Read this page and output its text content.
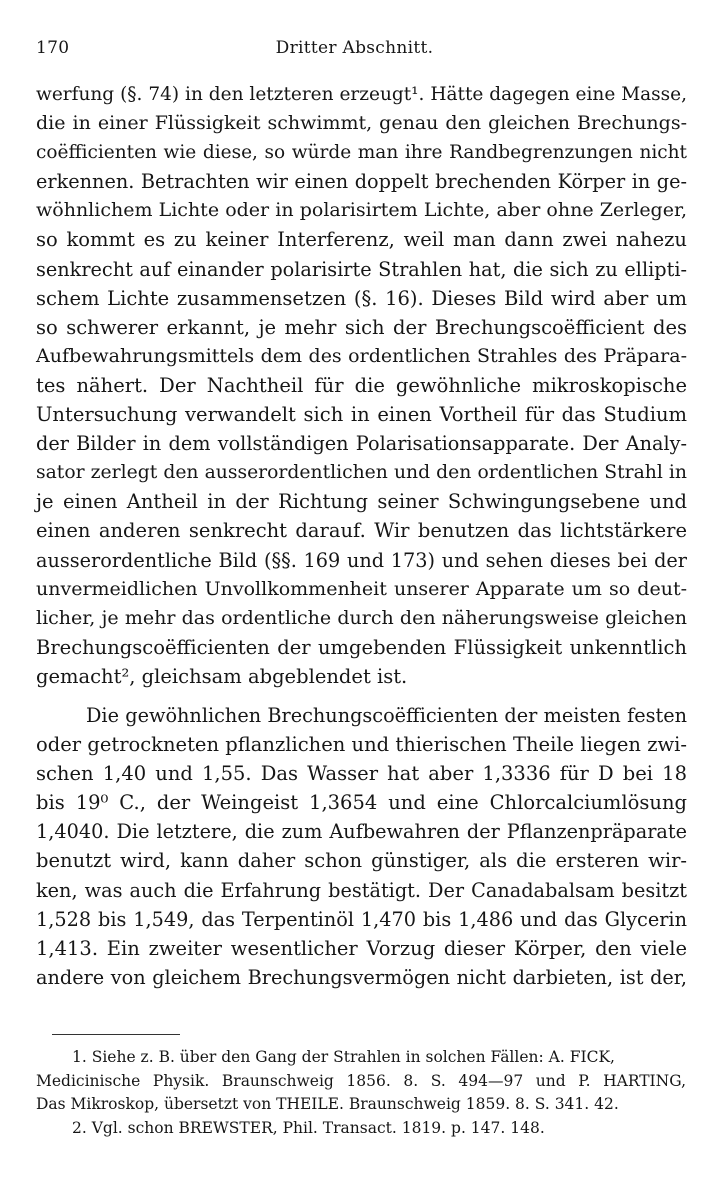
170	Dritter Abschnitt.
werfung (§. 74) in den letzteren erzeugt¹. Hätte dagegen eine Masse,
die in einer Flüssigkeit schwimmt, genau den gleichen Brechungs-
coëfficienten wie diese, so würde man ihre Randbegrenzungen nicht
erkennen. Betrachten wir einen doppelt brechenden Körper in ge-
wöhnlichem Lichte oder in polarisirtem Lichte, aber ohne Zerleger,
so kommt es zu keiner Interferenz, weil man dann zwei nahezu
senkrecht auf einander polarisirte Strahlen hat, die sich zu ellipti-
schem Lichte zusammensetzen (§. 16). Dieses Bild wird aber um
so schwerer erkannt, je mehr sich der Brechungscoëfficient des
Aufbewahrungsmittels dem des ordentlichen Strahles des Präpara-
tes nähert. Der Nachtheil für die gewöhnliche mikroskopische
Untersuchung verwandelt sich in einen Vortheil für das Studium
der Bilder in dem vollständigen Polarisationsapparate. Der Analy-
sator zerlegt den ausserordentlichen und den ordentlichen Strahl in
je einen Antheil in der Richtung seiner Schwingungsebene und
einen anderen senkrecht darauf. Wir benutzen das lichtstärkere
ausserordentliche Bild (§§. 169 und 173) und sehen dieses bei der
unvermeidlichen Unvollkommenheit unserer Apparate um so deut-
licher, je mehr das ordentliche durch den näherungsweise gleichen
Brechungscoëfficienten der umgebenden Flüssigkeit unkenntlich
gemacht², gleichsam abgeblendet ist.
Die gewöhnlichen Brechungscoëfficienten der meisten festen
oder getrockneten pflanzlichen und thierischen Theile liegen zwi-
schen 1,40 und 1,55. Das Wasser hat aber 1,3336 für D bei 18
bis 19⁰ C., der Weingeist 1,3654 und eine Chlorcalciumlösung
1,4040. Die letztere, die zum Aufbewahren der Pflanzenpräparate
benutzt wird, kann daher schon günstiger, als die ersteren wir-
ken, was auch die Erfahrung bestätigt. Der Canadabalsam besitzt
1,528 bis 1,549, das Terpentinöl 1,470 bis 1,486 und das Glycerin
1,413. Ein zweiter wesentlicher Vorzug dieser Körper, den viele
andere von gleichem Brechungsvermögen nicht darbieten, ist der,
1. Siehe z. B. über den Gang der Strahlen in solchen Fällen: A. FICK,
Medicinische Physik. Braunschweig 1856. 8. S. 494—97 und P. HARTING,
Das Mikroskop, übersetzt von THEILE. Braunschweig 1859. 8. S. 341. 42.
2. Vgl. schon BREWSTER, Phil. Transact. 1819. p. 147. 148.
